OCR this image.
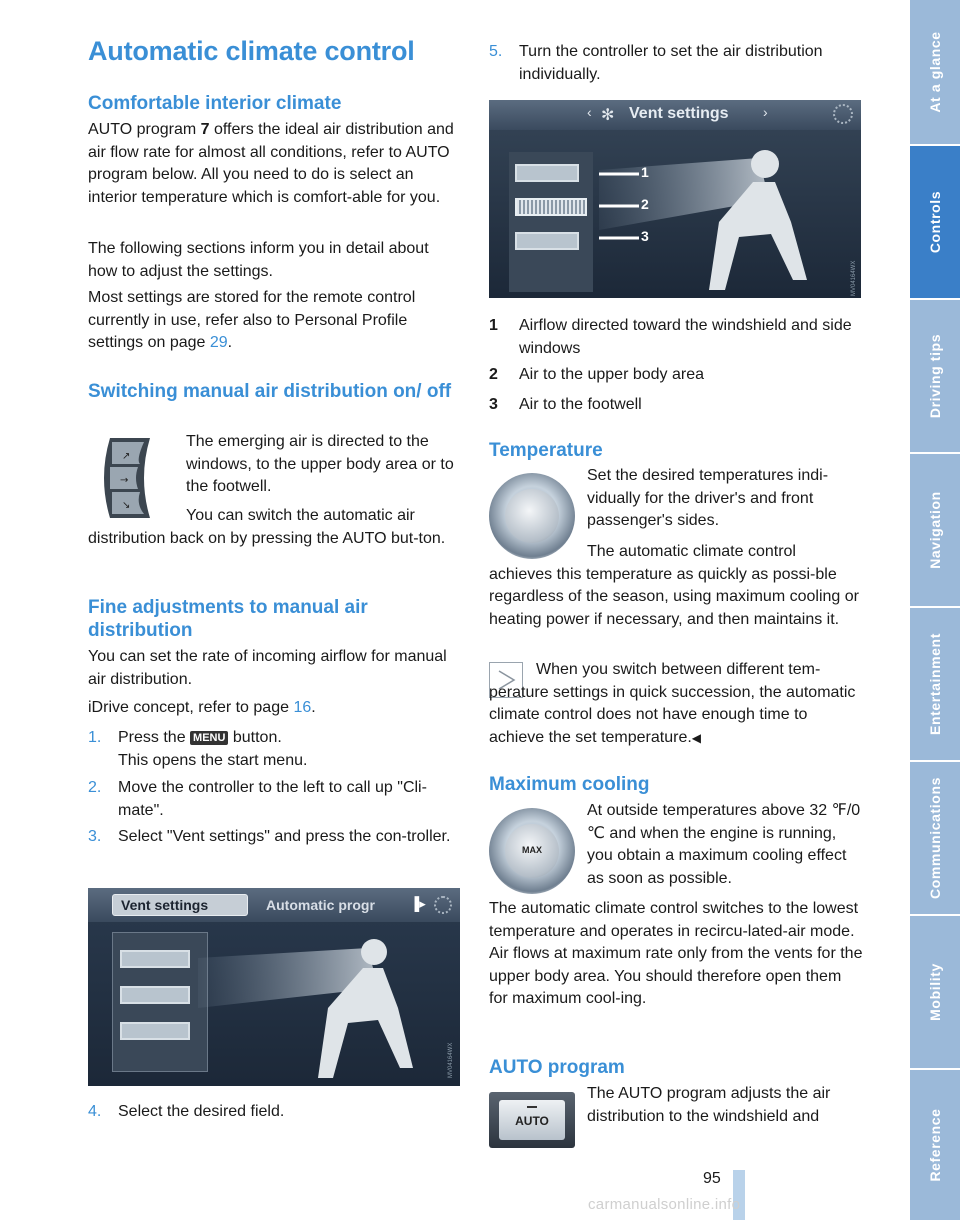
Automatic climate control
Comfortable interior climate

AUTO program 7 offers the ideal air distribution and air flow rate for almost all conditions, refer to AUTO program below. All you need to do is select an interior temperature which is comfort-able for you.

The following sections inform you in detail about how to adjust the settings.

Most settings are stored for the remote control currently in use, refer also to Personal Profile settings on page 29.

Switching manual air distribution on/ off
↗
→
↘

The emerging air is directed to the windows, to the upper body area or to the footwell.

You can switch the automatic air distribution back on by pressing the AUTO but-ton.

Fine adjustments to manual air distribution

You can set the rate of incoming airflow for manual air distribution.

iDrive concept, refer to page 16.

1. Press the MENU button.
This opens the start menu.
2.	Move the controller to the left to call up "Cli-mate".
3.	Select "Vent settings" and press the con-troller.
Vent settings	Automatic progr	▐▸
MV04164WX
4.	Select the desired field.
5.	Turn the controller to set the air distribution individually.
‹ ✻ Vent settings ›
1
2
3
MV04164WX
1	Airflow directed toward the windshield and side windows
2	Air to the upper body area
3	Air to the footwell
Temperature

Set the desired temperatures indi-vidually for the driver's and front passenger's sides.

The automatic climate control achieves this temperature as quickly as possi-ble regardless of the season, using maximum cooling or heating power if necessary, and then maintains it.

When you switch between different tem-perature settings in quick succession, the automatic climate control does not have enough time to achieve the set temperature.◀

Maximum cooling
MAX

At outside temperatures above 32 ℉/0 ℃ and when the engine is running, you obtain a maximum cooling effect as soon as possible.

The automatic climate control switches to the lowest temperature and operates in recircu-lated-air mode. Air flows at maximum rate only from the vents for the upper body area. You should therefore open them for maximum cool-ing.

AUTO program
AUTO

The AUTO program adjusts the air distribution to the windshield and

At a glance
Controls
Driving tips
Navigation
Entertainment
Communications
Mobility
Reference
95
carmanualsonline.info
